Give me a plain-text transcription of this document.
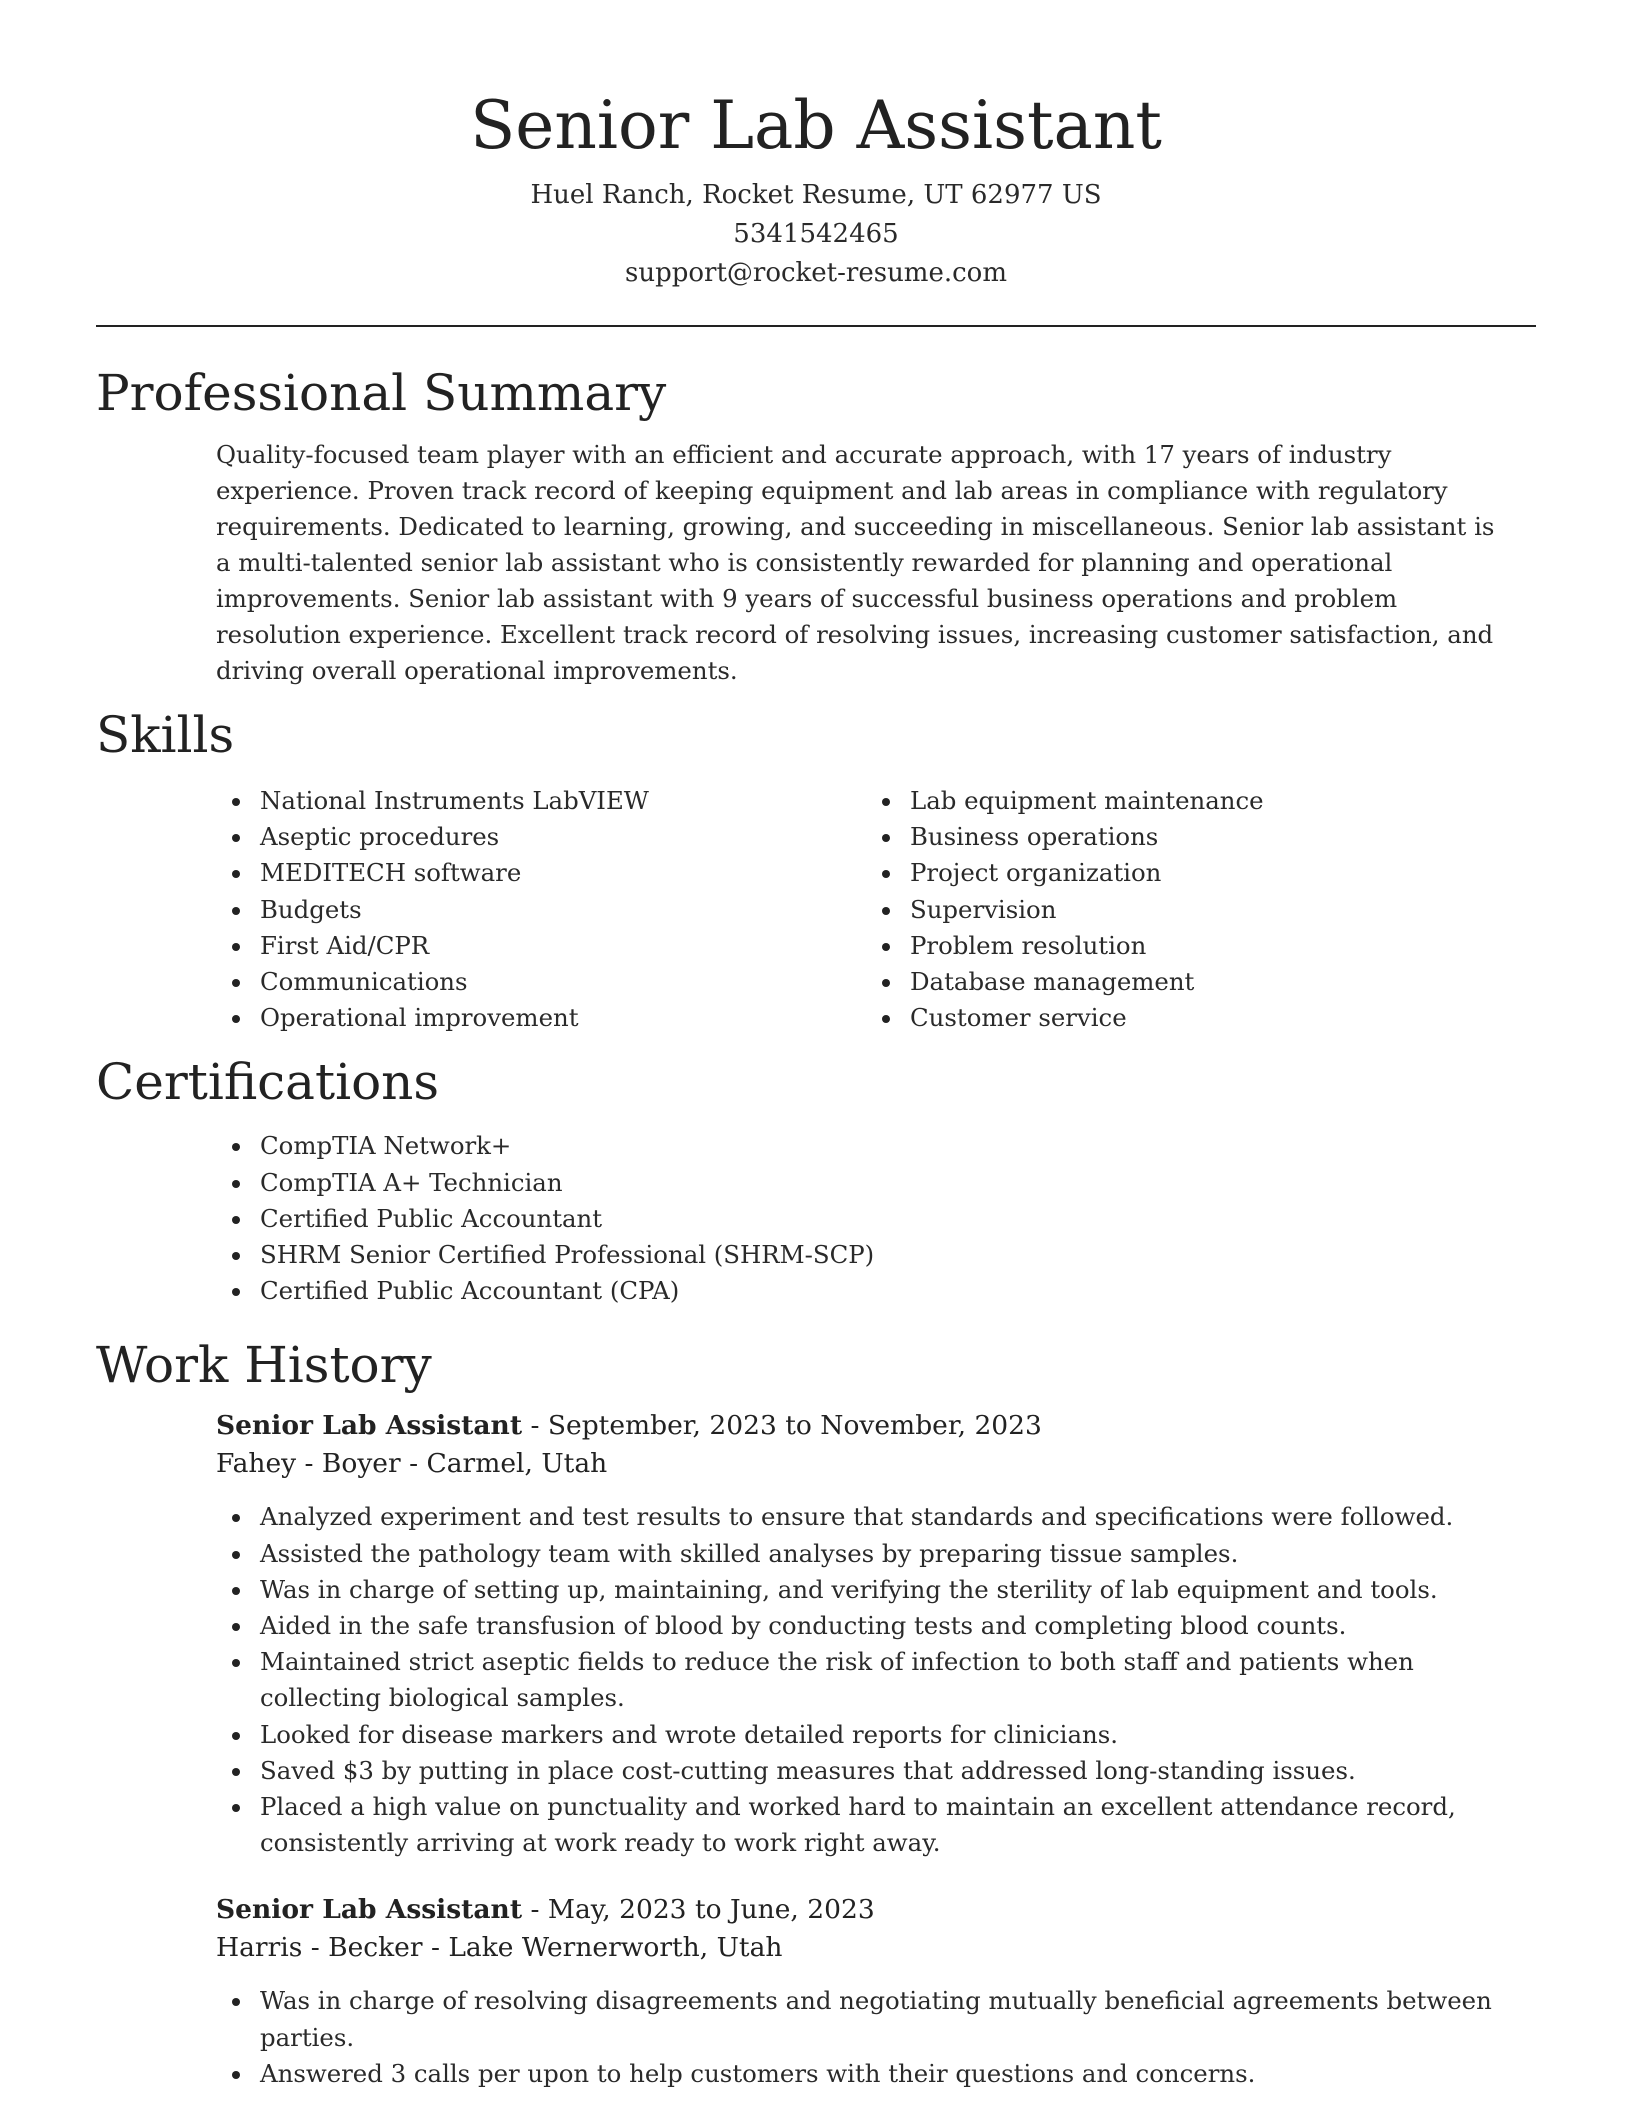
Senior Lab Assistant
Huel Ranch, Rocket Resume, UT 62977 US
5341542465
support@rocket-resume.com
Professional Summary
Quality-focused team player with an efficient and accurate approach, with 17 years of industry experience. Proven track record of keeping equipment and lab areas in compliance with regulatory requirements. Dedicated to learning, growing, and succeeding in miscellaneous. Senior lab assistant is a multi-talented senior lab assistant who is consistently rewarded for planning and operational improvements. Senior lab assistant with 9 years of successful business operations and problem resolution experience. Excellent track record of resolving issues, increasing customer satisfaction, and driving overall operational improvements.
Skills
National Instruments LabVIEW
Aseptic procedures
MEDITECH software
Budgets
First Aid/CPR
Communications
Operational improvement
Lab equipment maintenance
Business operations
Project organization
Supervision
Problem resolution
Database management
Customer service
Certifications
CompTIA Network+
CompTIA A+ Technician
Certified Public Accountant
SHRM Senior Certified Professional (SHRM-SCP)
Certified Public Accountant (CPA)
Work History
Senior Lab Assistant - September, 2023 to November, 2023
Fahey - Boyer - Carmel, Utah
Analyzed experiment and test results to ensure that standards and specifications were followed.
Assisted the pathology team with skilled analyses by preparing tissue samples.
Was in charge of setting up, maintaining, and verifying the sterility of lab equipment and tools.
Aided in the safe transfusion of blood by conducting tests and completing blood counts.
Maintained strict aseptic fields to reduce the risk of infection to both staff and patients when collecting biological samples.
Looked for disease markers and wrote detailed reports for clinicians.
Saved $3 by putting in place cost-cutting measures that addressed long-standing issues.
Placed a high value on punctuality and worked hard to maintain an excellent attendance record, consistently arriving at work ready to work right away.
Senior Lab Assistant - May, 2023 to June, 2023
Harris - Becker - Lake Wernerworth, Utah
Was in charge of resolving disagreements and negotiating mutually beneficial agreements between parties.
Answered 3 calls per upon to help customers with their questions and concerns.
